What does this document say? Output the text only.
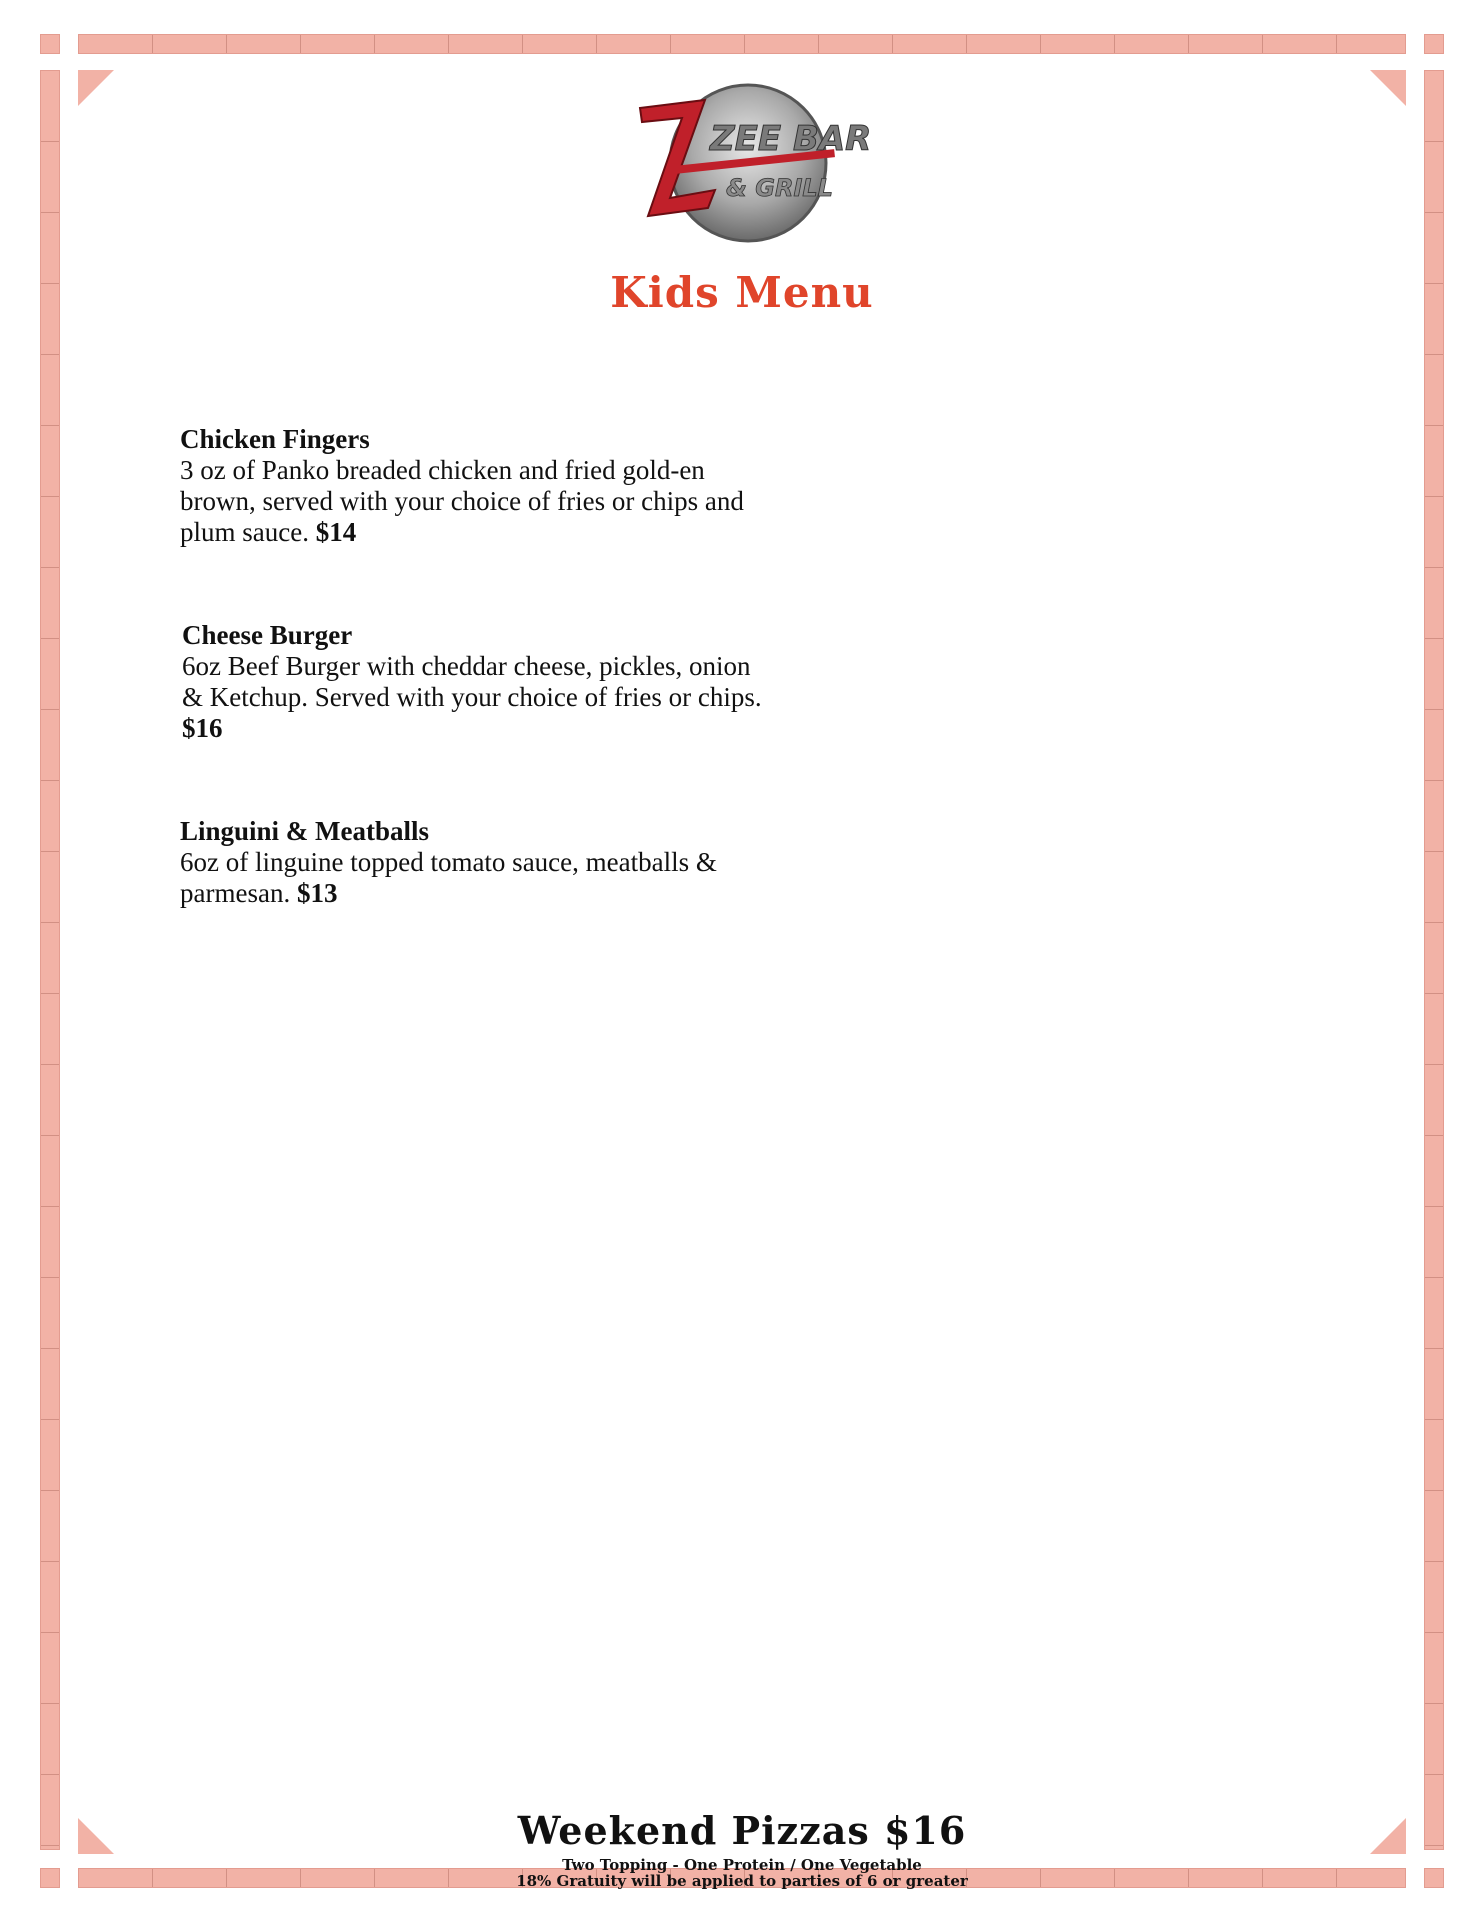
ZEE BAR
& GRILL
Kids Menu
Chicken Fingers
3 oz of Panko breaded chicken and fried gold-en brown, served with your choice of fries or chips and plum sauce. $14
Cheese Burger
6oz Beef Burger with cheddar cheese, pickles, onion & Ketchup. Served with your choice of fries or chips. $16
Linguini & Meatballs
6oz of linguine topped tomato sauce, meatballs & parmesan. $13
Weekend Pizzas $16
Two Topping - One Protein / One Vegetable
18% Gratuity will be applied to parties of 6 or greater
